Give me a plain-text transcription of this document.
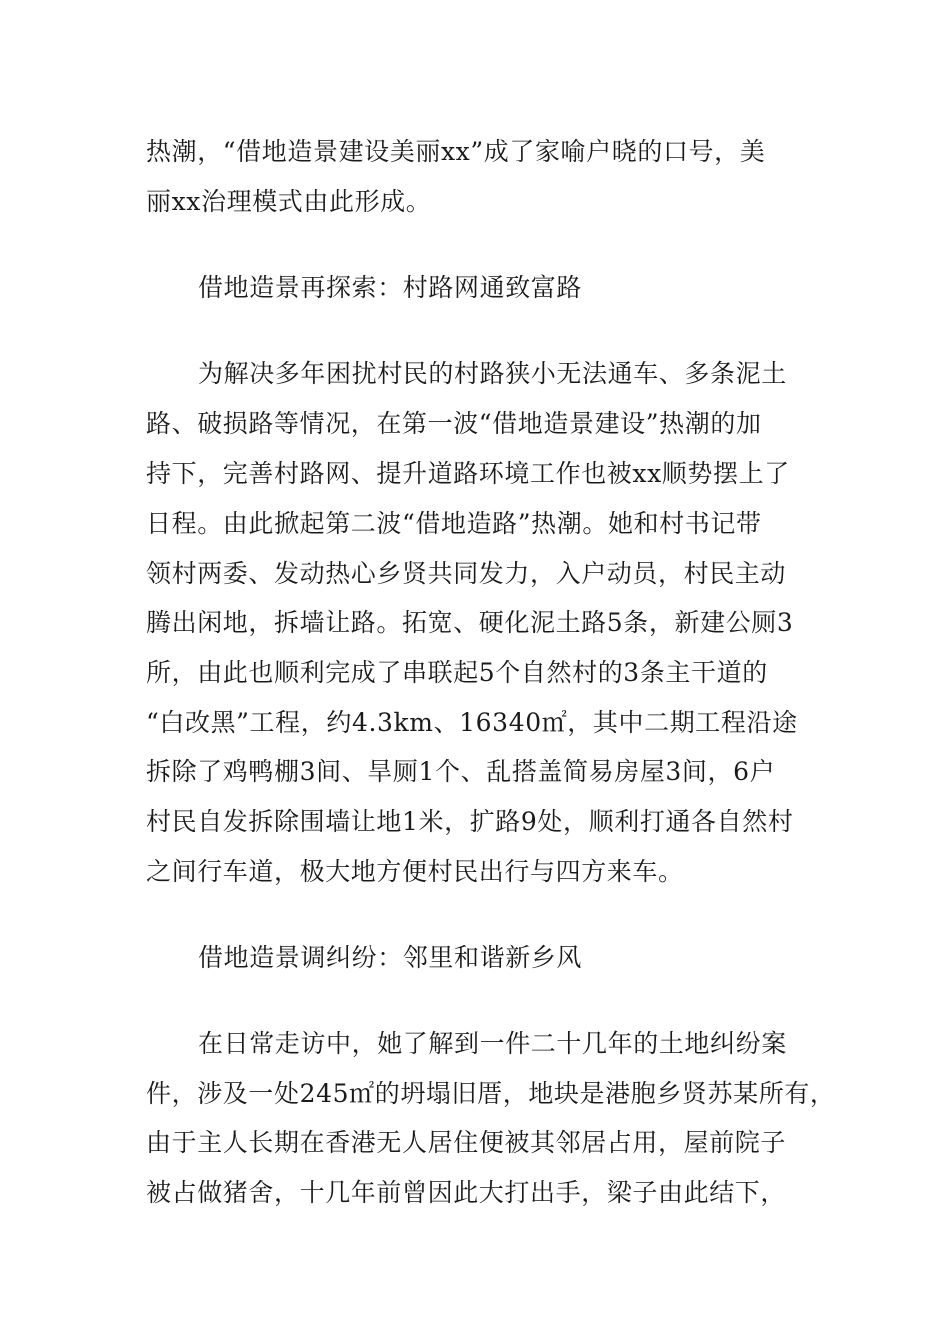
热潮，“借地造景建设美丽xx”成了家喻户晓的口号，美
丽xx治理模式由此形成。
借地造景再探索：村路网通致富路
为解决多年困扰村民的村路狭小无法通车、多条泥土
路、破损路等情况，在第一波“借地造景建设”热潮的加
持下，完善村路网、提升道路环境工作也被xx顺势摆上了
日程。由此掀起第二波“借地造路”热潮。她和村书记带
领村两委、发动热心乡贤共同发力，入户动员，村民主动
腾出闲地，拆墙让路。拓宽、硬化泥土路5条，新建公厕3
所，由此也顺利完成了串联起5个自然村的3条主干道的
“白改黑”工程，约4.3km、16340㎡，其中二期工程沿途
拆除了鸡鸭棚3间、旱厕1个、乱搭盖简易房屋3间，6户
村民自发拆除围墙让地1米，扩路9处，顺利打通各自然村
之间行车道，极大地方便村民出行与四方来车。
借地造景调纠纷：邻里和谐新乡风
在日常走访中，她了解到一件二十几年的土地纠纷案
件，涉及一处245㎡的坍塌旧厝，地块是港胞乡贤苏某所有，
由于主人长期在香港无人居住便被其邻居占用，屋前院子
被占做猪舍，十几年前曾因此大打出手，梁子由此结下，
